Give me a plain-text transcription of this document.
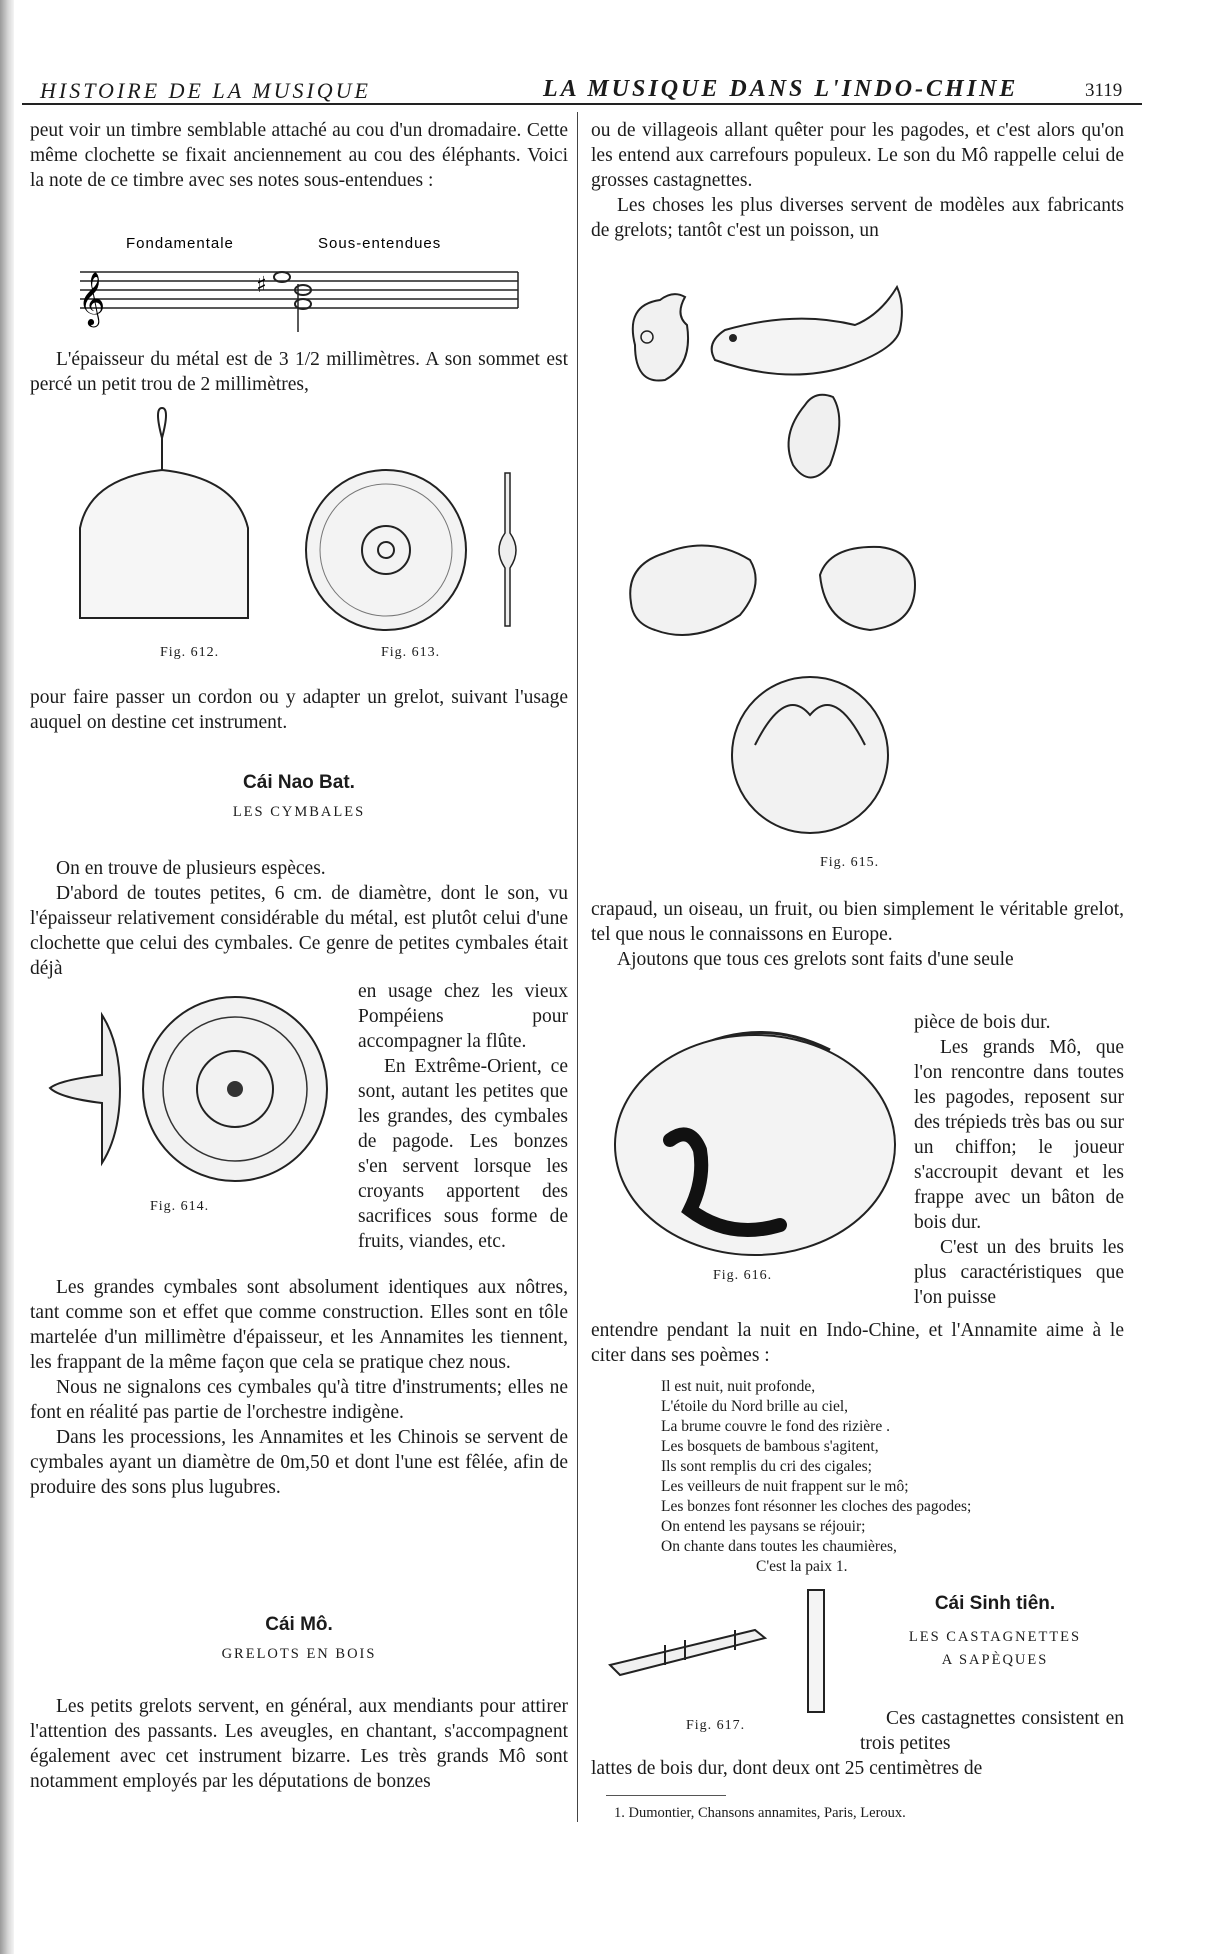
HISTOIRE DE LA MUSIQUE	LA MUSIQUE DANS L'INDO-CHINE	3119

peut voir un timbre semblable attaché au cou d'un dromadaire. Cette même clochette se fixait anciennement au cou des éléphants. Voici la note de ce timbre avec ses notes sous-entendues :

Fondamentale	Sous-entendues
𝄞	♯

L'épaisseur du métal est de 3 1/2 millimètres. A son sommet est percé un petit trou de 2 millimètres,

Fig. 612.	Fig. 613.

pour faire passer un cordon ou y adapter un grelot, suivant l'usage auquel on destine cet instrument.

Cái Nao Bat.
LES CYMBALES

On en trouve de plusieurs espèces.

D'abord de toutes petites, 6 cm. de diamètre, dont le son, vu l'épaisseur relativement considérable du métal, est plutôt celui d'une clochette que celui des cymbales. Ce genre de petites cymbales était déjà

Fig. 614.

en usage chez les vieux Pompéiens pour accompagner la flûte.

En Extrême-Orient, ce sont, autant les petites que les grandes, des cymbales de pagode. Les bonzes s'en servent lorsque les croyants apportent des sacrifices sous forme de fruits, viandes, etc.

Les grandes cymbales sont absolument identiques aux nôtres, tant comme son et effet que comme construction. Elles sont en tôle martelée d'un millimètre d'épaisseur, et les Annamites les tiennent, les frappant de la même façon que cela se pratique chez nous.

Nous ne signalons ces cymbales qu'à titre d'instruments; elles ne font en réalité pas partie de l'orchestre indigène.

Dans les processions, les Annamites et les Chinois se servent de cymbales ayant un diamètre de 0m,50 et dont l'une est fêlée, afin de produire des sons plus lugubres.

Cái Mô.
GRELOTS EN BOIS

Les petits grelots servent, en général, aux mendiants pour attirer l'attention des passants. Les aveugles, en chantant, s'accompagnent également avec cet instrument bizarre. Les très grands Mô sont notamment employés par les députations de bonzes

ou de villageois allant quêter pour les pagodes, et c'est alors qu'on les entend aux carrefours populeux. Le son du Mô rappelle celui de grosses castagnettes.

Les choses les plus diverses servent de modèles aux fabricants de grelots; tantôt c'est un poisson, un

Fig. 615.

crapaud, un oiseau, un fruit, ou bien simplement le véritable grelot, tel que nous le connaissons en Europe.

Ajoutons que tous ces grelots sont faits d'une seule

Fig. 616.

pièce de bois dur.

Les grands Mô, que l'on rencontre dans toutes les pagodes, reposent sur des trépieds très bas ou sur un chiffon; le joueur s'accroupit devant et les frappe avec un bâton de bois dur.

C'est un des bruits les plus caractéristiques que l'on puisse

entendre pendant la nuit en Indo-Chine, et l'Annamite aime à le citer dans ses poèmes :

Il est nuit, nuit profonde,
L'étoile du Nord brille au ciel,
La brume couvre le fond des rizière .
Les bosquets de bambous s'agitent,
Ils sont remplis du cri des cigales;
Les veilleurs de nuit frappent sur le mô;
Les bonzes font résonner les cloches des pagodes;
On entend les paysans se réjouir;
On chante dans toutes les chaumières,
C'est la paix 1.
Fig. 617.
Cái Sinh tiên.
LES CASTAGNETTES
A SAPÈQUES

Ces castagnettes consistent en trois petites

lattes de bois dur, dont deux ont 25 centimètres de

1. Dumontier, Chansons annamites, Paris, Leroux.
